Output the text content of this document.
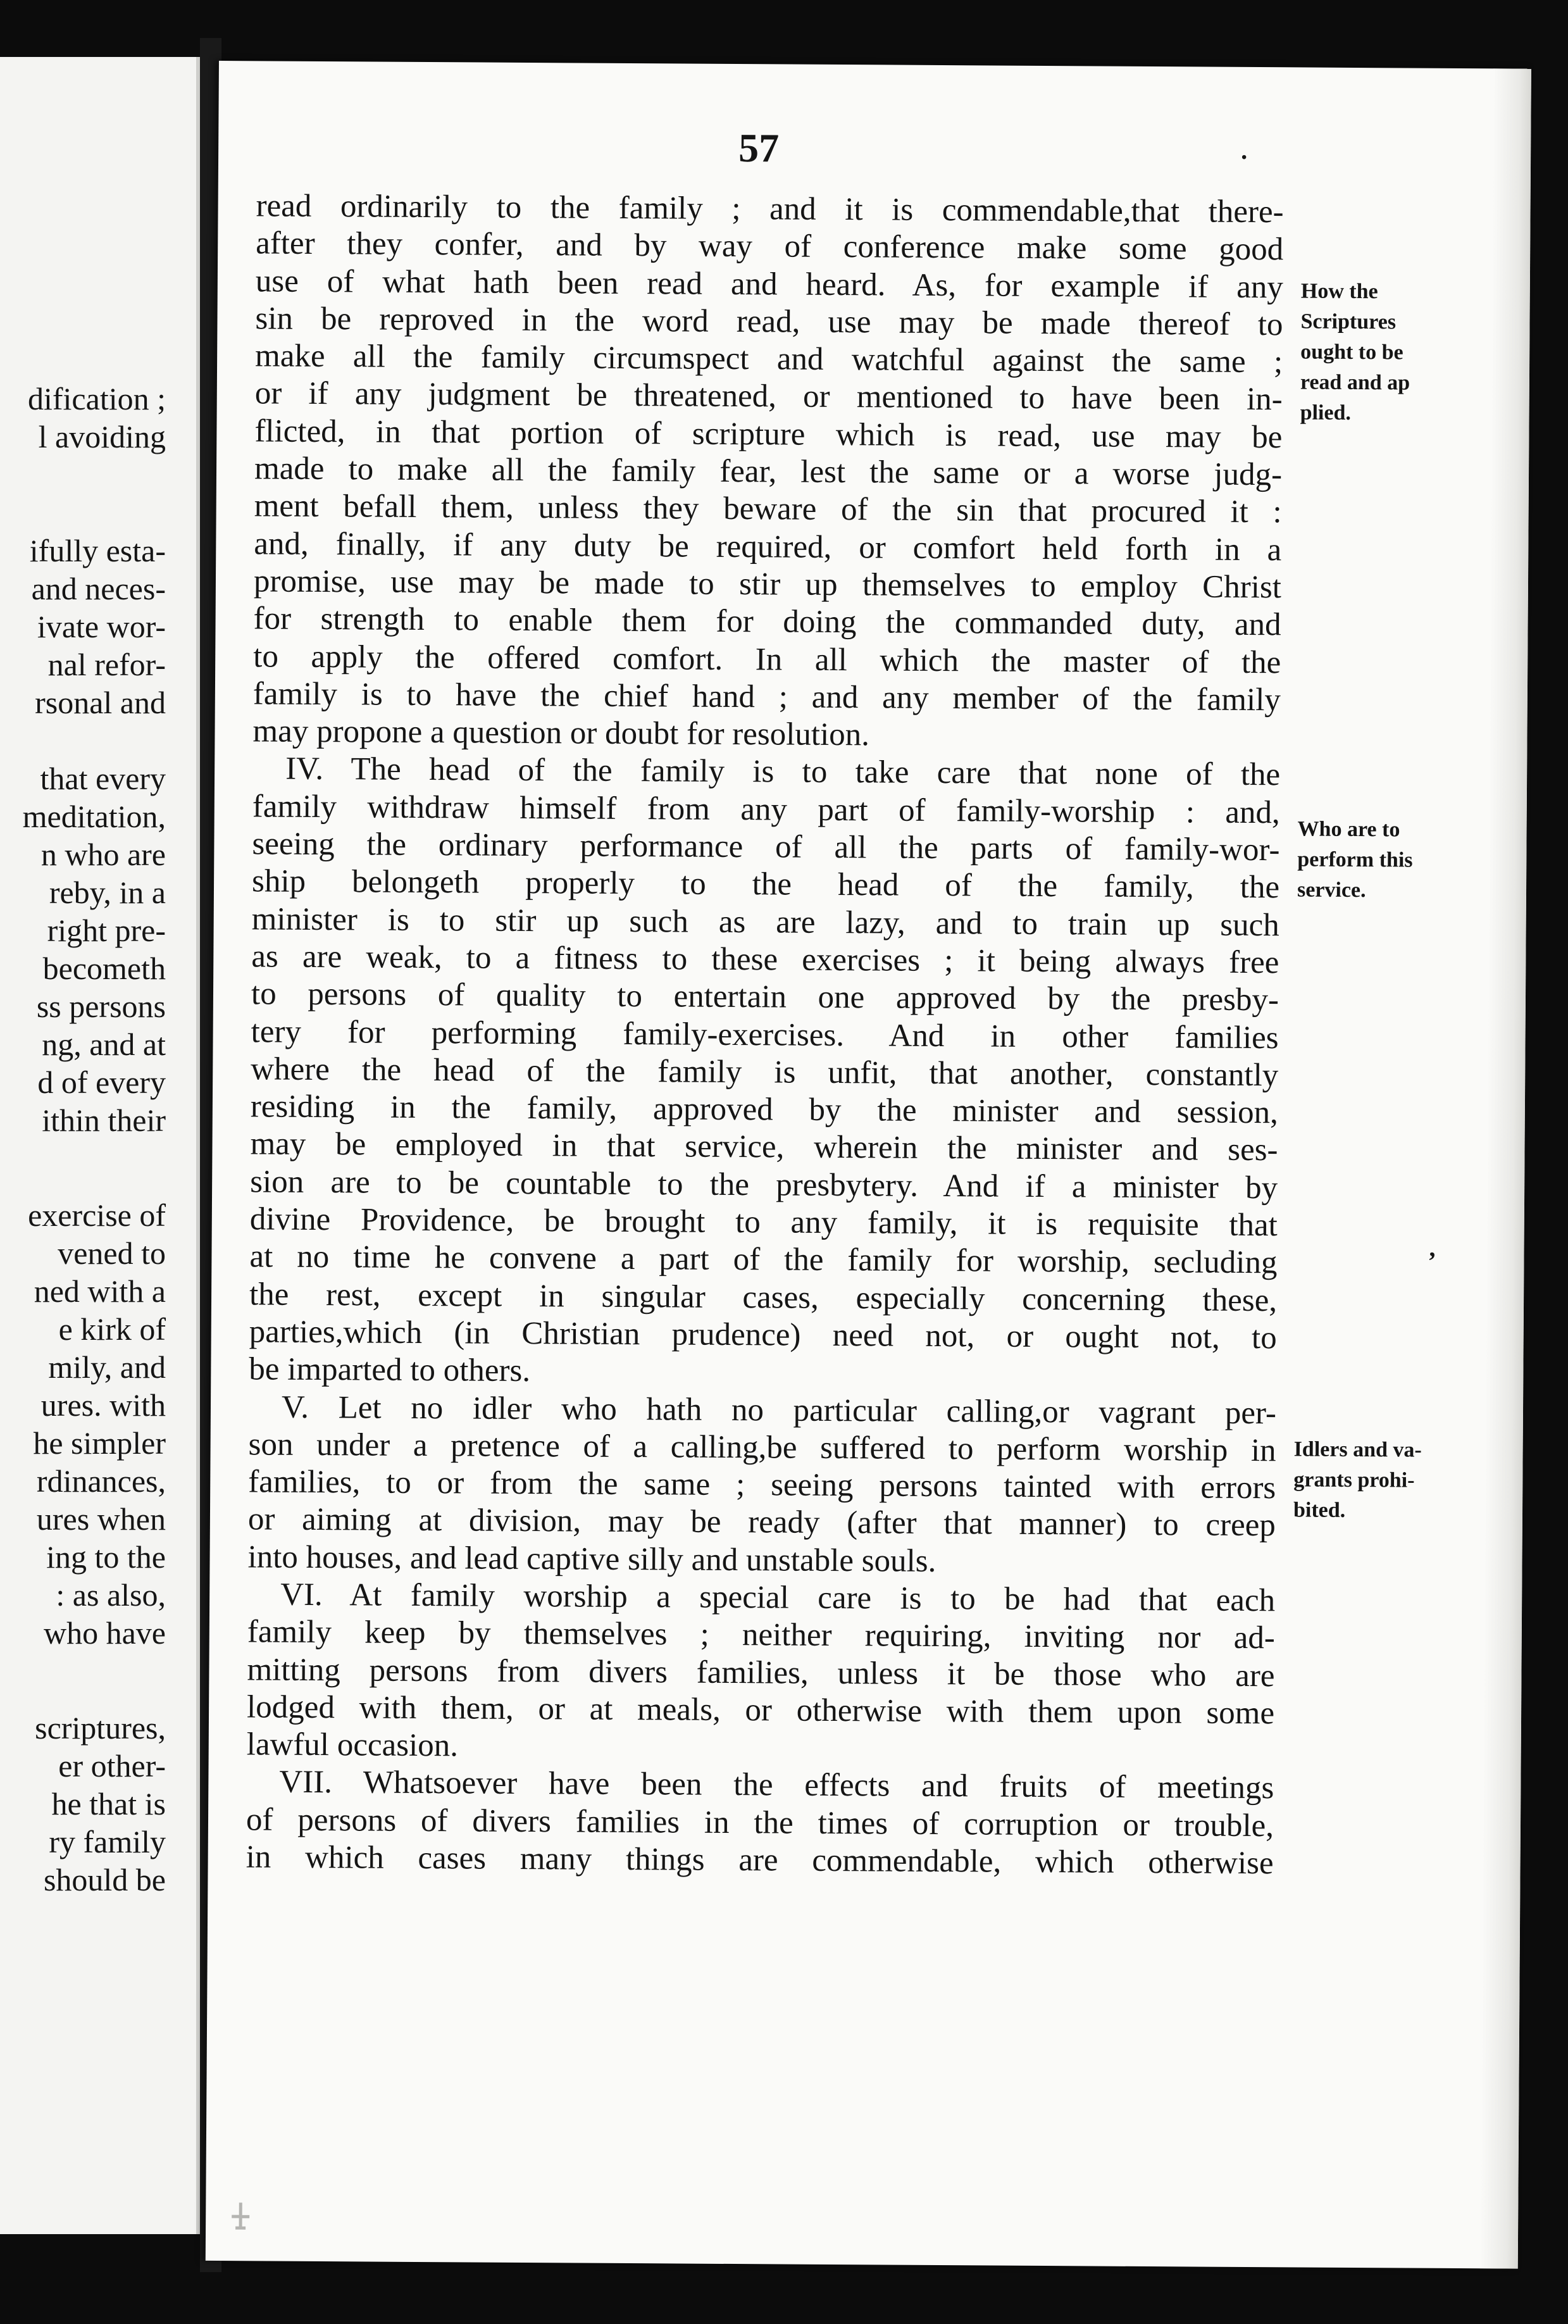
dification ;
l avoiding
ifully esta-
and neces-
ivate wor-
nal refor-
rsonal and
that every
meditation,
n who are
reby, in a
right pre-
becometh
ss persons
ng, and at
d of every
ithin their
exercise of
vened to
ned with a
e kirk of
mily, and
ures. with
he simpler
rdinances,
ures when
ing to the
: as also,
who have
scriptures,
er other-
he that is
ry family
should be
57	.
read ordinarily to the family ; and it is commendable,that there-
after they confer, and by way of conference make some good
use of what hath been read and heard. As, for example if any
sin be reproved in the word read, use may be made thereof to
make all the family circumspect and watchful against the same ;
or if any judgment be threatened, or mentioned to have been in-
flicted, in that portion of scripture which is read, use may be
made to make all the family fear, lest the same or a worse judg-
ment befall them, unless they beware of the sin that procured it :
and, finally, if any duty be required, or comfort held forth in a
promise, use may be made to stir up themselves to employ Christ
for strength to enable them for doing the commanded duty, and
to apply the offered comfort. In all which the master of the
family is to have the chief hand ; and any member of the family
may propone a question or doubt for resolution.
IV. The head of the family is to take care that none of the
family withdraw himself from any part of family-worship : and,
seeing the ordinary performance of all the parts of family-wor-
ship belongeth properly to the head of the family, the
minister is to stir up such as are lazy, and to train up such
as are weak, to a fitness to these exercises ; it being always free
to persons of quality to entertain one approved by the presby-
tery for performing family-exercises. And in other families
where the head of the family is unfit, that another, constantly
residing in the family, approved by the minister and session,
may be employed in that service, wherein the minister and ses-
sion are to be countable to the presbytery. And if a minister by
divine Providence, be brought to any family, it is requisite that
at no time he convene a part of the family for worship, secluding
the rest, except in singular cases, especially concerning these,
parties,which (in Christian prudence) need not, or ought not, to
be imparted to others.
V. Let no idler who hath no particular calling,or vagrant per-
son under a pretence of a calling,be suffered to perform worship in
families, to or from the same ; seeing persons tainted with errors
or aiming at division, may be ready (after that manner) to creep
into houses, and lead captive silly and unstable souls.
VI. At family worship a special care is to be had that each
family keep by themselves ; neither requiring, inviting nor ad-
mitting persons from divers families, unless it be those who are
lodged with them, or at meals, or otherwise with them upon some
lawful occasion.
VII. Whatsoever have been the effects and fruits of meetings
of persons of divers families in the times of corruption or trouble,
in which cases many things are commendable, which otherwise
How the
Scriptures
ought to be
read and ap
plied.
Who are to
perform this
service.
Idlers and va-
grants prohi-
bited.
,
